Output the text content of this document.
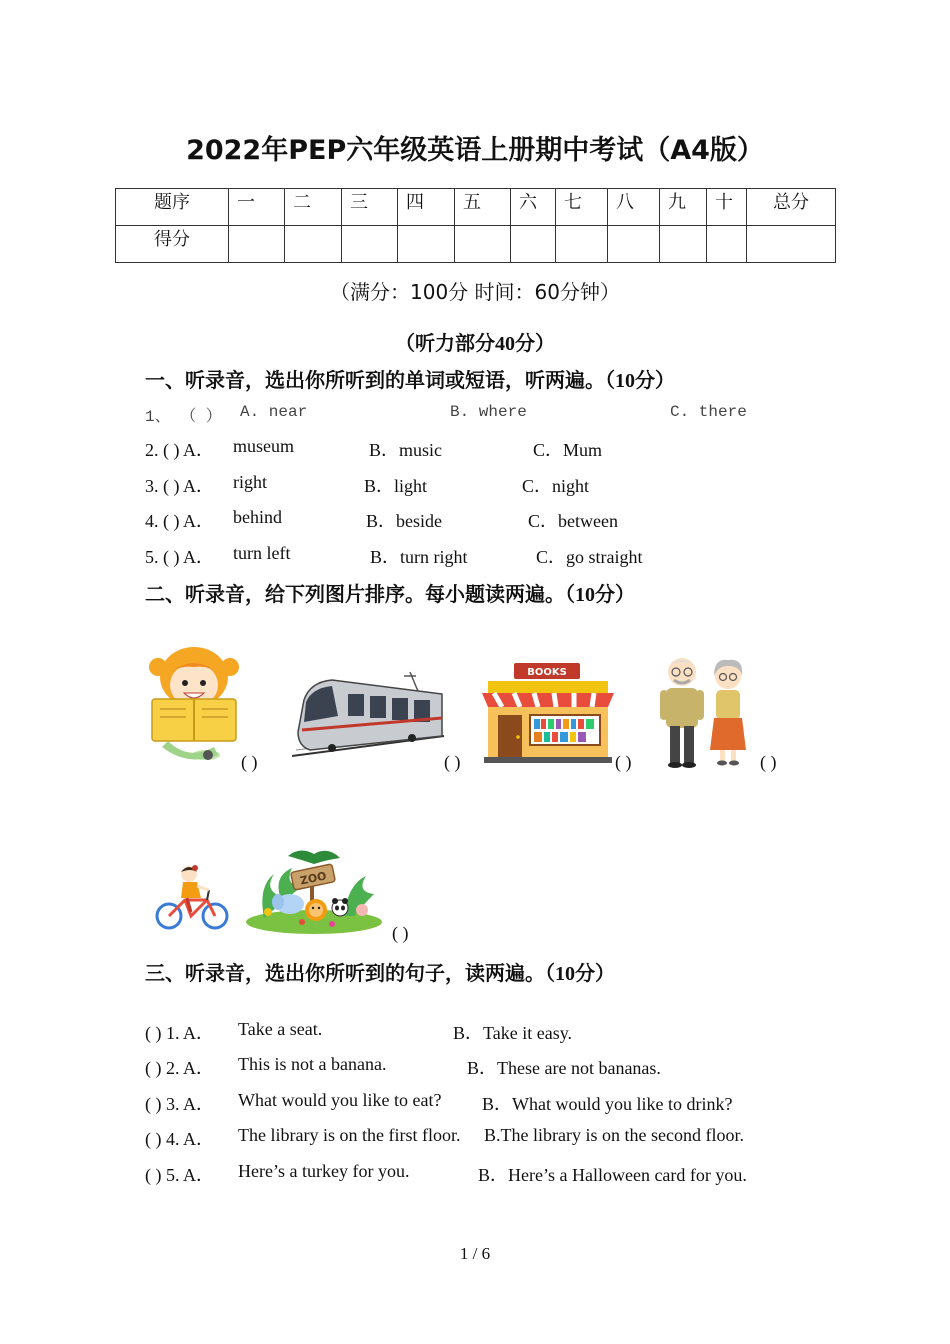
2022年PEP六年级英语上册期中考试（A4版）
题序	一	二	三	四	五	六	七	八	九	十	总分
得分											
（满分：100分 时间：60分钟）
（听力部分40分）
一、听录音，选出你所听到的单词或短语，听两遍。（10分）
1、 （ ） A. near	B. where	C. there
2. ( ) A． museum	B．music	C．Mum
3. ( ) A． right	B．light	C．night
4. ( ) A． behind	B．beside	C．between
5. ( ) A． turn left	B．turn right	C．go straight
二、听录音，给下列图片排序。每小题读两遍。（10分）
( )	( )
BOOKS
( )	( )
ZOO
( )
三、听录音，选出你所听到的句子，读两遍。（10分）
( ) 1. A． Take a seat.	B．Take it easy.
( ) 2. A． This is not a banana.	B．These are not bananas.
( ) 3. A． What would you like to eat? B．What would you like to drink?
( ) 4. A． The library is on the first floor. B.The library is on the second floor.
( ) 5. A． Here’s a turkey for you.	B．Here’s a Halloween card for you.
1 / 6
